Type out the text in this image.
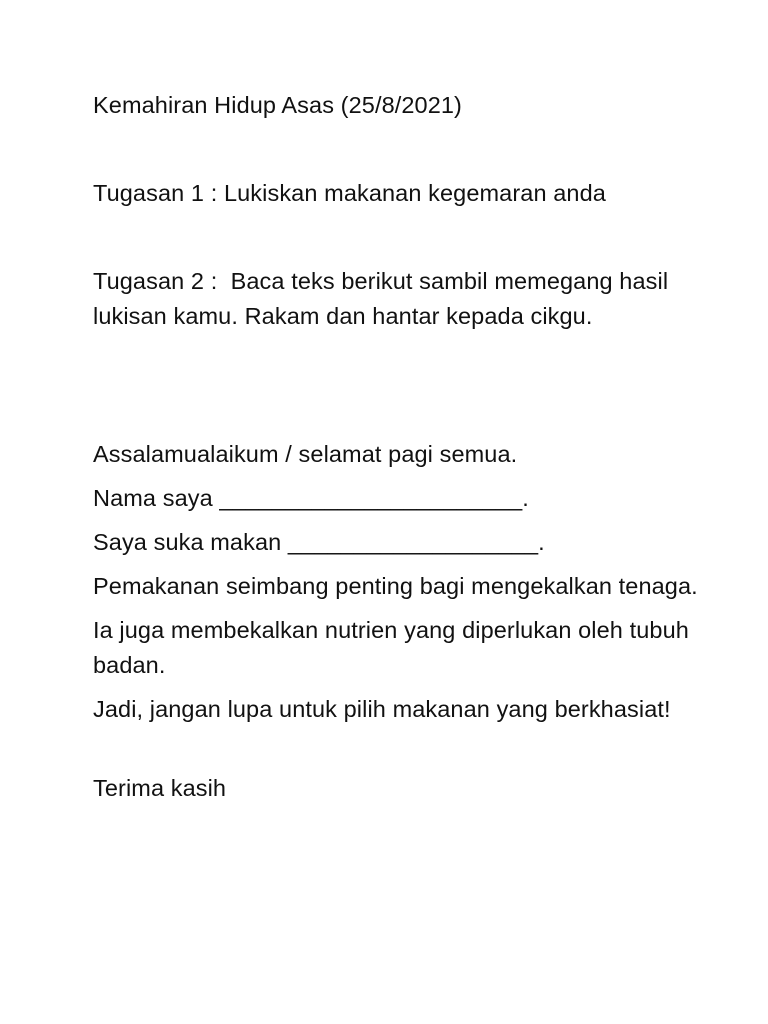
Kemahiran Hidup Asas (25/8/2021)

Tugasan 1 : Lukiskan makanan kegemaran anda

Tugasan 2 :  Baca teks berikut sambil memegang hasil lukisan kamu. Rakam dan hantar kepada cikgu.

Assalamualaikum / selamat pagi semua.

Nama saya _______________________.

Saya suka makan ___________________.

Pemakanan seimbang penting bagi mengekalkan tenaga.

Ia juga membekalkan nutrien yang diperlukan oleh tubuh badan.

Jadi, jangan lupa untuk pilih makanan yang berkhasiat!

Terima kasih
